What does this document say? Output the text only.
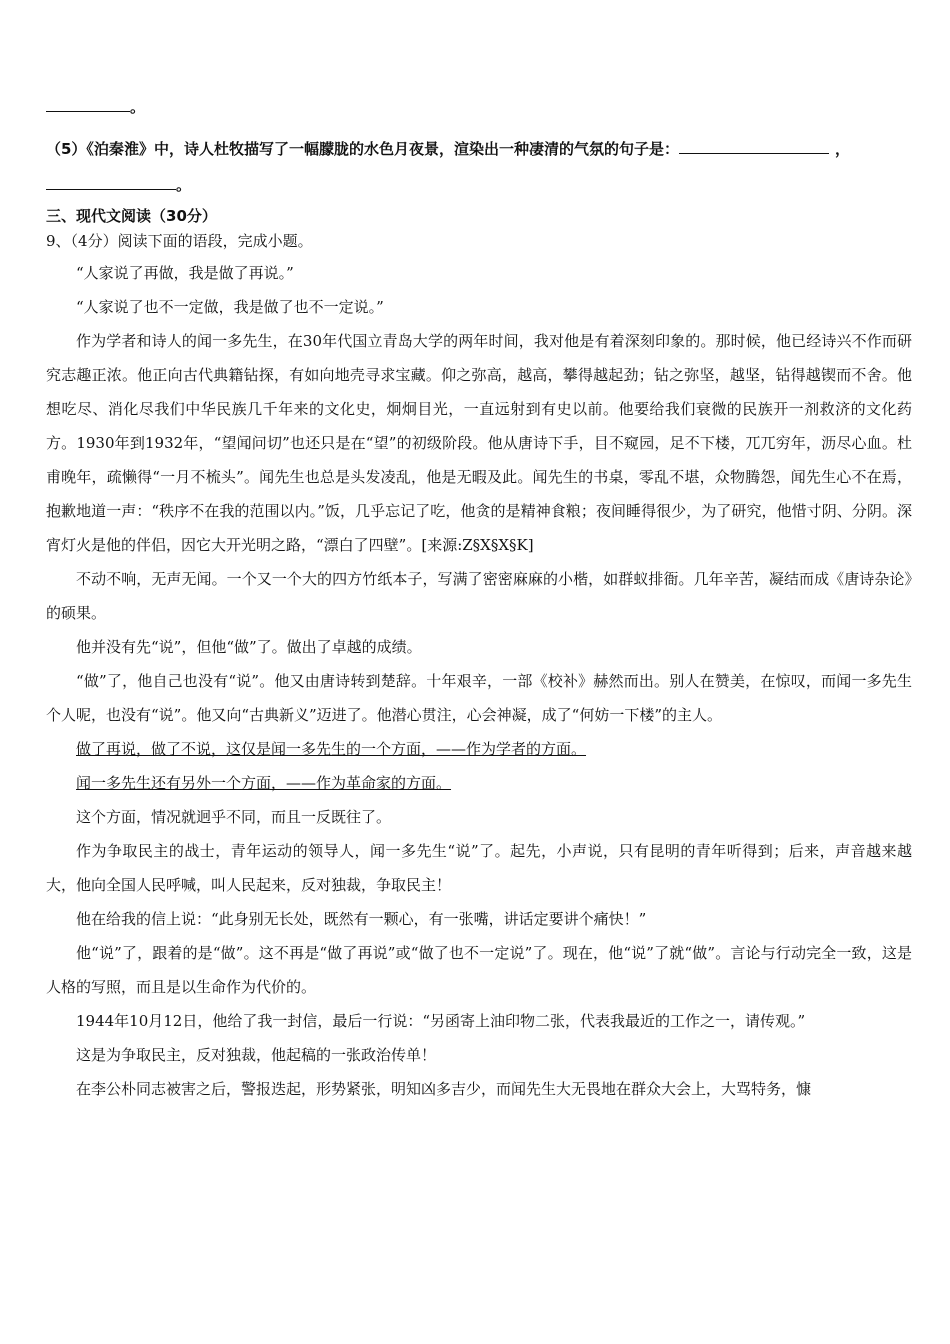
。
（5）《泊秦淮》中，诗人杜牧描写了一幅朦胧的水色月夜景，渲染出一种凄清的气氛的句子是：	，
。
三、现代文阅读（30分）
9、（4分）阅读下面的语段，完成小题。
“人家说了再做，我是做了再说。”
“人家说了也不一定做，我是做了也不一定说。”
作为学者和诗人的闻一多先生，在30年代国立青岛大学的两年时间，我对他是有着深刻印象的。那时候，他已经诗兴不作而研究志趣正浓。他正向古代典籍钻探，有如向地壳寻求宝藏。仰之弥高，越高，攀得越起劲；钻之弥坚，越坚，钻得越锲而不舍。他想吃尽、消化尽我们中华民族几千年来的文化史，炯炯目光，一直远射到有史以前。他要给我们衰微的民族开一剂救济的文化药方。1930年到1932年，“望闻问切”也还只是在“望”的初级阶段。他从唐诗下手，目不窥园，足不下楼，兀兀穷年，沥尽心血。杜甫晚年，疏懒得“一月不梳头”。闻先生也总是头发凌乱，他是无暇及此。闻先生的书桌，零乱不堪，众物腾怨，闻先生心不在焉，抱歉地道一声：“秩序不在我的范围以内。”饭，几乎忘记了吃，他贪的是精神食粮；夜间睡得很少，为了研究，他惜寸阴、分阴。深宵灯火是他的伴侣，因它大开光明之路，“漂白了四壁”。[来源:Z§X§X§K]
不动不响，无声无闻。一个又一个大的四方竹纸本子，写满了密密麻麻的小楷，如群蚁排衙。几年辛苦，凝结而成《唐诗杂论》的硕果。
他并没有先“说”，但他“做”了。做出了卓越的成绩。
“做”了，他自己也没有“说”。他又由唐诗转到楚辞。十年艰辛，一部《校补》赫然而出。别人在赞美，在惊叹，而闻一多先生个人呢，也没有“说”。他又向“古典新义”迈进了。他潜心贯注，心会神凝，成了“何妨一下楼”的主人。
做了再说，做了不说，这仅是闻一多先生的一个方面，——作为学者的方面。
闻一多先生还有另外一个方面，——作为革命家的方面。
这个方面，情况就迥乎不同，而且一反既往了。
作为争取民主的战士，青年运动的领导人，闻一多先生“说”了。起先，小声说，只有昆明的青年听得到；后来，声音越来越大，他向全国人民呼喊，叫人民起来，反对独裁，争取民主！
他在给我的信上说：“此身别无长处，既然有一颗心，有一张嘴，讲话定要讲个痛快！”
他“说”了，跟着的是“做”。这不再是“做了再说”或“做了也不一定说”了。现在，他“说”了就“做”。言论与行动完全一致，这是人格的写照，而且是以生命作为代价的。
1944年10月12日，他给了我一封信，最后一行说：“另函寄上油印物二张，代表我最近的工作之一，请传观。”
这是为争取民主，反对独裁，他起稿的一张政治传单！
在李公朴同志被害之后，警报迭起，形势紧张，明知凶多吉少，而闻先生大无畏地在群众大会上，大骂特务，慷
